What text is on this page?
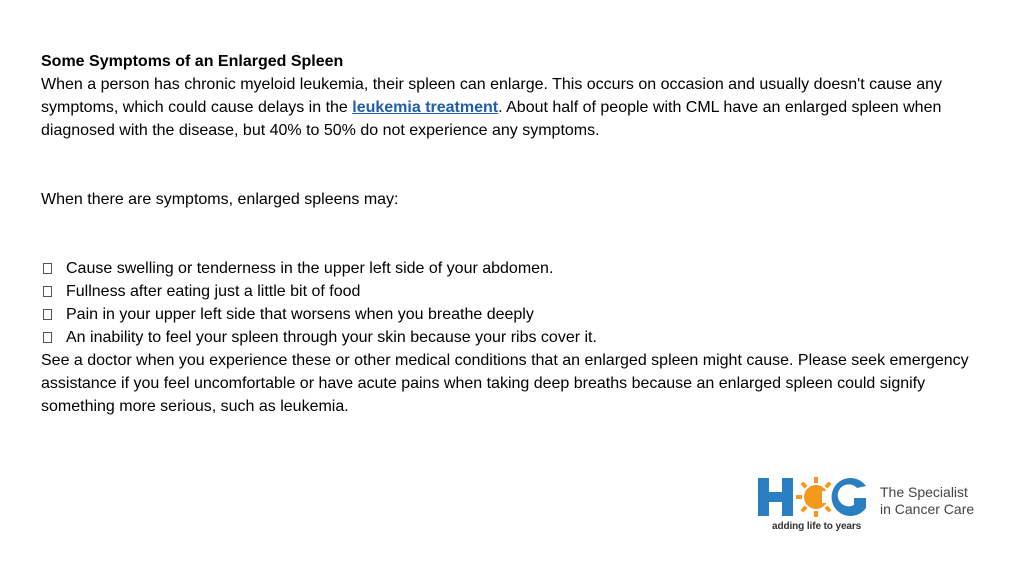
Some Symptoms of an Enlarged Spleen

When a person has chronic myeloid leukemia, their spleen can enlarge. This occurs on occasion and usually doesn't cause any symptoms, which could cause delays in the leukemia treatment. About half of people with CML have an enlarged spleen when diagnosed with the disease, but 40% to 50% do not experience any symptoms.

When there are symptoms, enlarged spleens may:

Cause swelling or tenderness in the upper left side of your abdomen.
Fullness after eating just a little bit of food
Pain in your upper left side that worsens when you breathe deeply
An inability to feel your spleen through your skin because your ribs cover it.

See a doctor when you experience these or other medical conditions that an enlarged spleen might cause. Please seek emergency assistance if you feel uncomfortable or have acute pains when taking deep breaths because an enlarged spleen could signify something more serious, such as leukemia.

adding life to years
The Specialist
in Cancer Care
